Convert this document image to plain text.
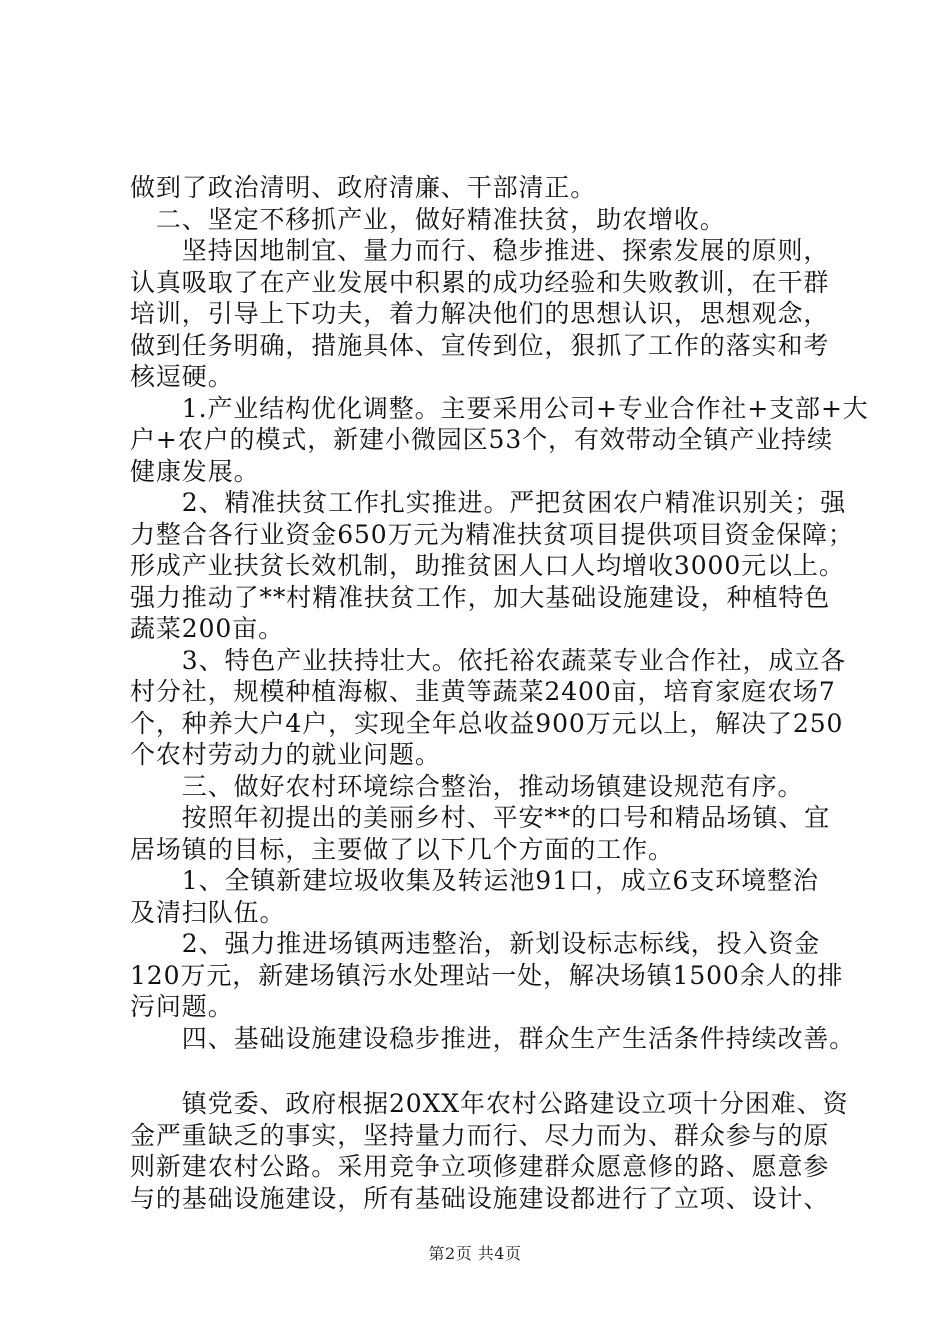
做到了政治清明、政府清廉、干部清正。
　二、坚定不移抓产业，做好精准扶贫，助农增收。
　　坚持因地制宜、量力而行、稳步推进、探索发展的原则，
认真吸取了在产业发展中积累的成功经验和失败教训，在干群
培训，引导上下功夫，着力解决他们的思想认识，思想观念，
做到任务明确，措施具体、宣传到位，狠抓了工作的落实和考
核逗硬。
　　1.产业结构优化调整。主要采用公司+专业合作社+支部+大
户+农户的模式，新建小微园区53个，有效带动全镇产业持续
健康发展。
　　2、精准扶贫工作扎实推进。严把贫困农户精准识别关；强
力整合各行业资金650万元为精准扶贫项目提供项目资金保障；
形成产业扶贫长效机制，助推贫困人口人均增收3000元以上。
强力推动了**村精准扶贫工作，加大基础设施建设，种植特色
蔬菜200亩。
　　3、特色产业扶持壮大。依托裕农蔬菜专业合作社，成立各
村分社，规模种植海椒、韭黄等蔬菜2400亩，培育家庭农场7
个，种养大户4户，实现全年总收益900万元以上，解决了250
个农村劳动力的就业问题。
　　三、做好农村环境综合整治，推动场镇建设规范有序。
　　按照年初提出的美丽乡村、平安**的口号和精品场镇、宜
居场镇的目标，主要做了以下几个方面的工作。
　　1、全镇新建垃圾收集及转运池91口，成立6支环境整治
及清扫队伍。
　　2、强力推进场镇两违整治，新划设标志标线，投入资金
120万元，新建场镇污水处理站一处，解决场镇1500余人的排
污问题。
　　四、基础设施建设稳步推进，群众生产生活条件持续改善。
　　镇党委、政府根据20XX年农村公路建设立项十分困难、资
金严重缺乏的事实，坚持量力而行、尽力而为、群众参与的原
则新建农村公路。采用竞争立项修建群众愿意修的路、愿意参
与的基础设施建设，所有基础设施建设都进行了立项、设计、
第2页 共4页
